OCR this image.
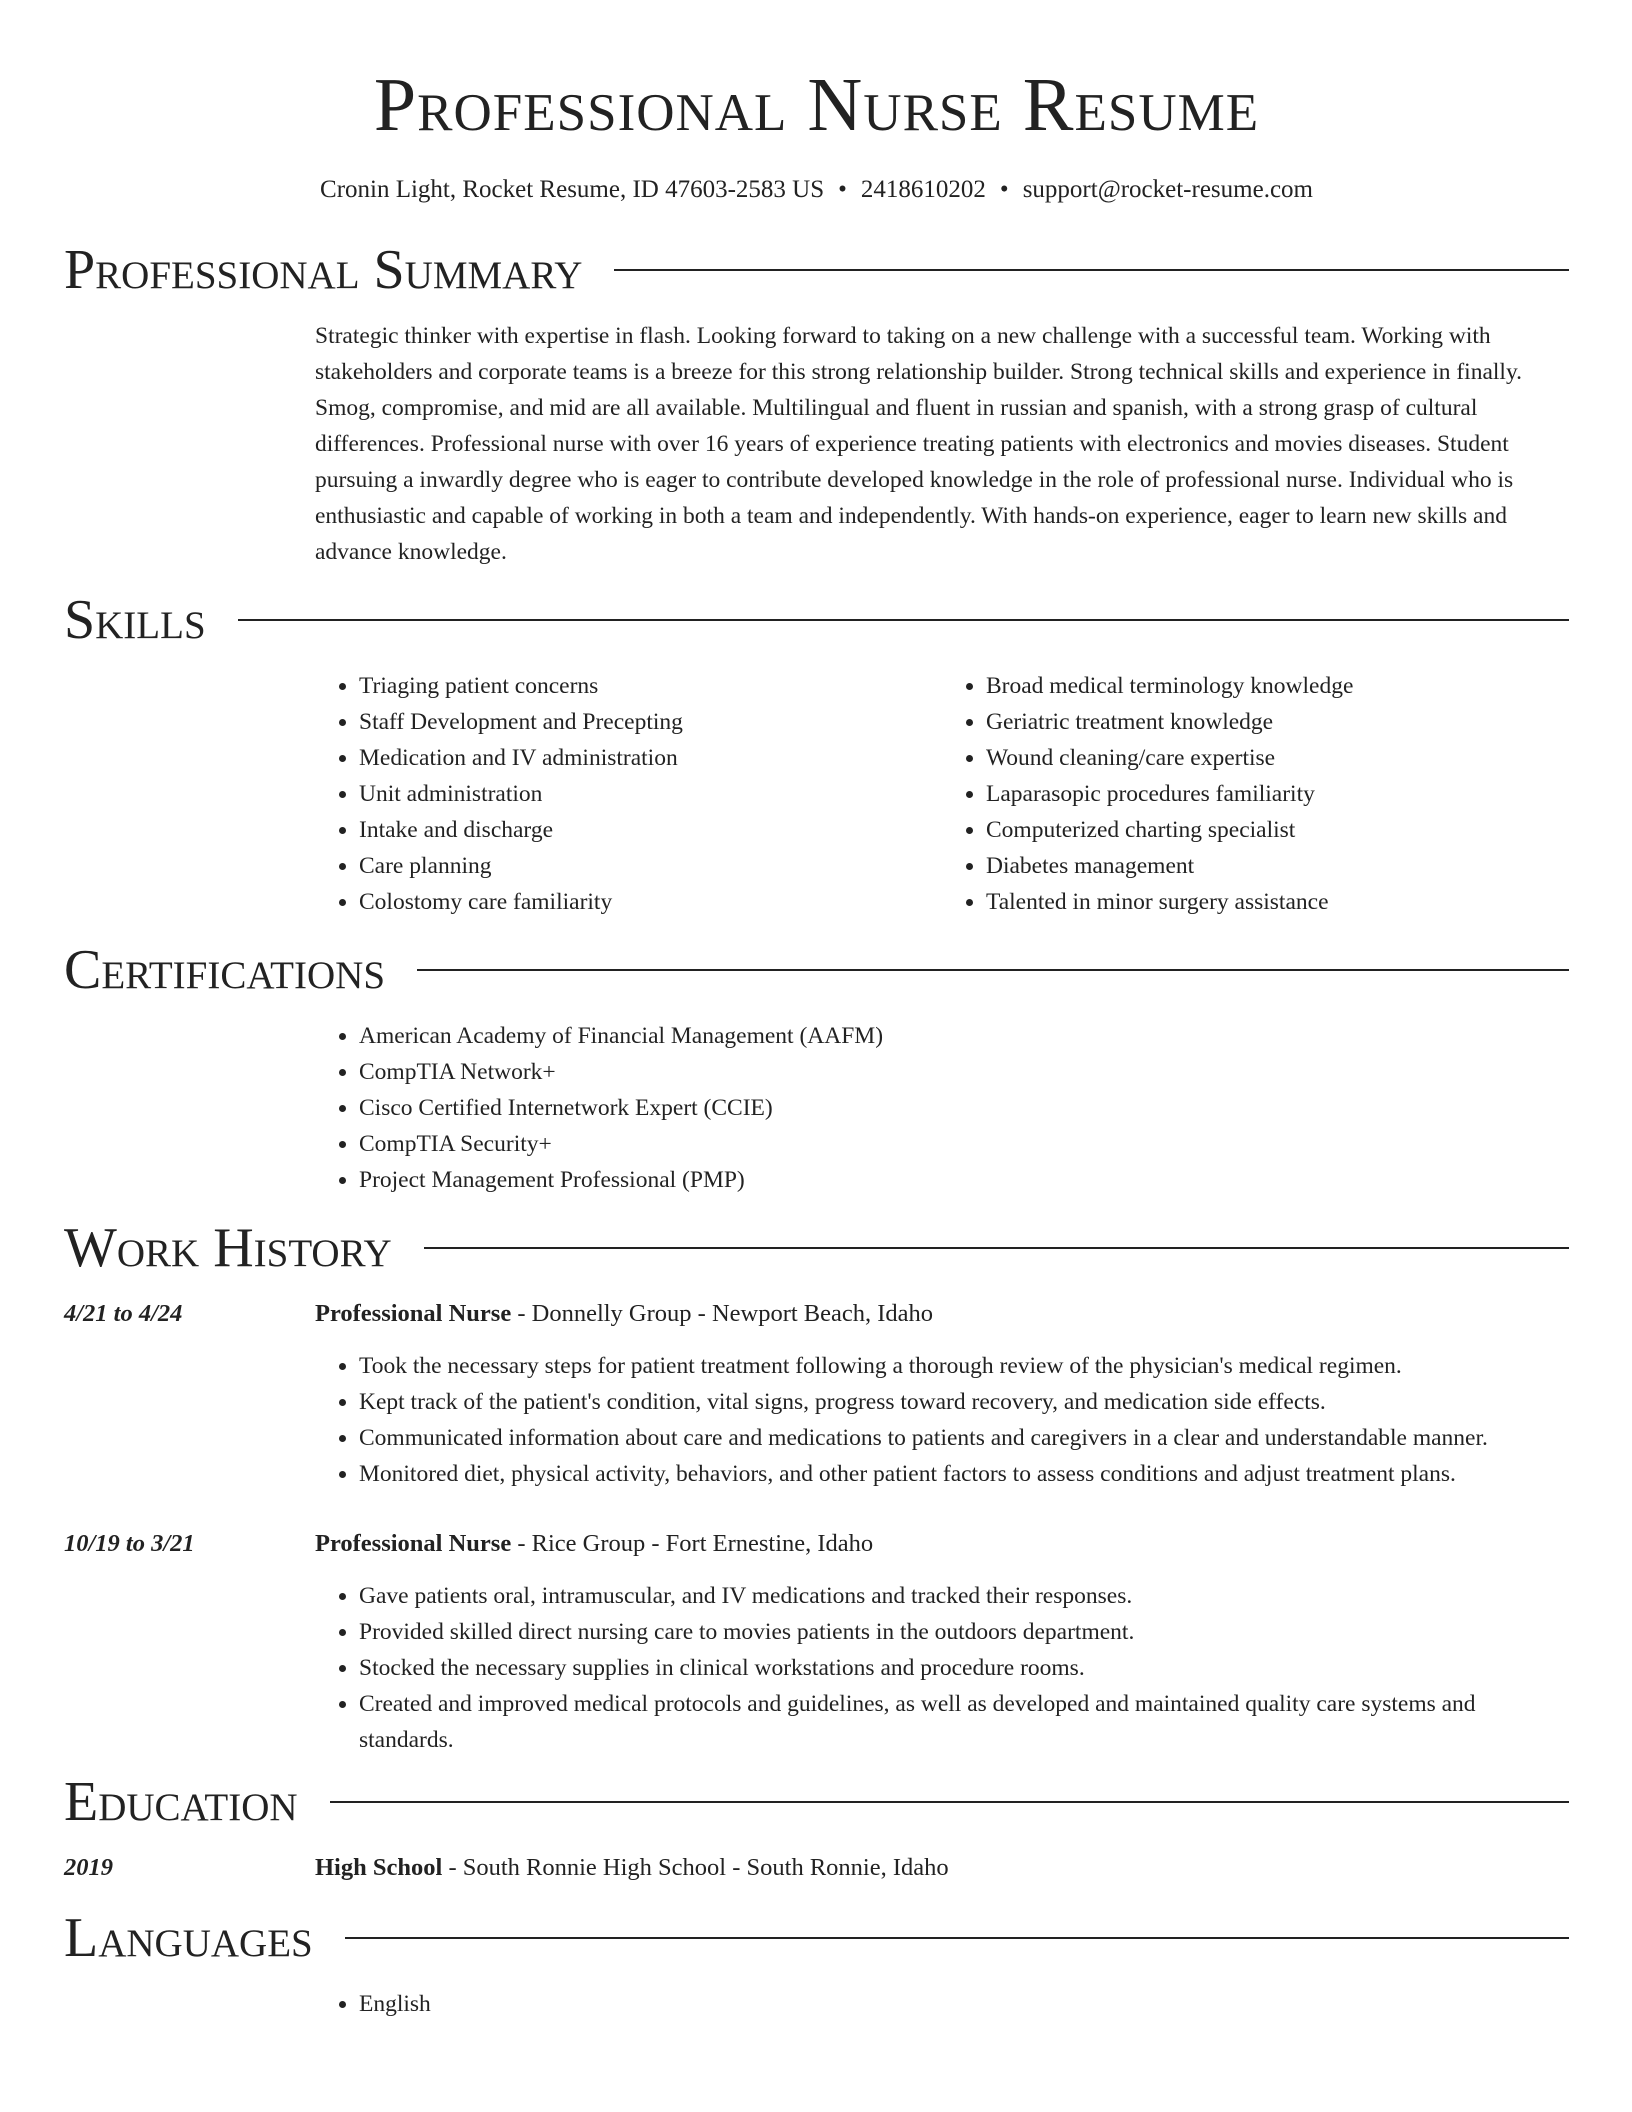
Professional Nurse Resume
Cronin Light, Rocket Resume, ID 47603-2583 US • 2418610202 • support@rocket-resume.com
Professional Summary

Strategic thinker with expertise in flash. Looking forward to taking on a new challenge with a successful team. Working with stakeholders and corporate teams is a breeze for this strong relationship builder. Strong technical skills and experience in finally. Smog, compromise, and mid are all available. Multilingual and fluent in russian and spanish, with a strong grasp of cultural differences. Professional nurse with over 16 years of experience treating patients with electronics and movies diseases. Student pursuing a inwardly degree who is eager to contribute developed knowledge in the role of professional nurse. Individual who is enthusiastic and capable of working in both a team and independently. With hands-on experience, eager to learn new skills and advance knowledge.

Skills
• Triaging patient concerns
• Staff Development and Precepting
• Medication and IV administration
• Unit administration
• Intake and discharge
• Care planning
• Colostomy care familiarity
• Broad medical terminology knowledge
• Geriatric treatment knowledge
• Wound cleaning/care expertise
• Laparasopic procedures familiarity
• Computerized charting specialist
• Diabetes management
• Talented in minor surgery assistance
Certifications
• American Academy of Financial Management (AAFM)
• CompTIA Network+
• Cisco Certified Internetwork Expert (CCIE)
• CompTIA Security+
• Project Management Professional (PMP)
Work History
4/21 to 4/24	Professional Nurse - Donnelly Group - Newport Beach, Idaho
• Took the necessary steps for patient treatment following a thorough review of the physician's medical regimen.
• Kept track of the patient's condition, vital signs, progress toward recovery, and medication side effects.
• Communicated information about care and medications to patients and caregivers in a clear and understandable manner.
• Monitored diet, physical activity, behaviors, and other patient factors to assess conditions and adjust treatment plans.
10/19 to 3/21	Professional Nurse - Rice Group - Fort Ernestine, Idaho
• Gave patients oral, intramuscular, and IV medications and tracked their responses.
• Provided skilled direct nursing care to movies patients in the outdoors department.
• Stocked the necessary supplies in clinical workstations and procedure rooms.
• Created and improved medical protocols and guidelines, as well as developed and maintained quality care systems and standards.
Education
2019	High School - South Ronnie High School - South Ronnie, Idaho
Languages
• English
